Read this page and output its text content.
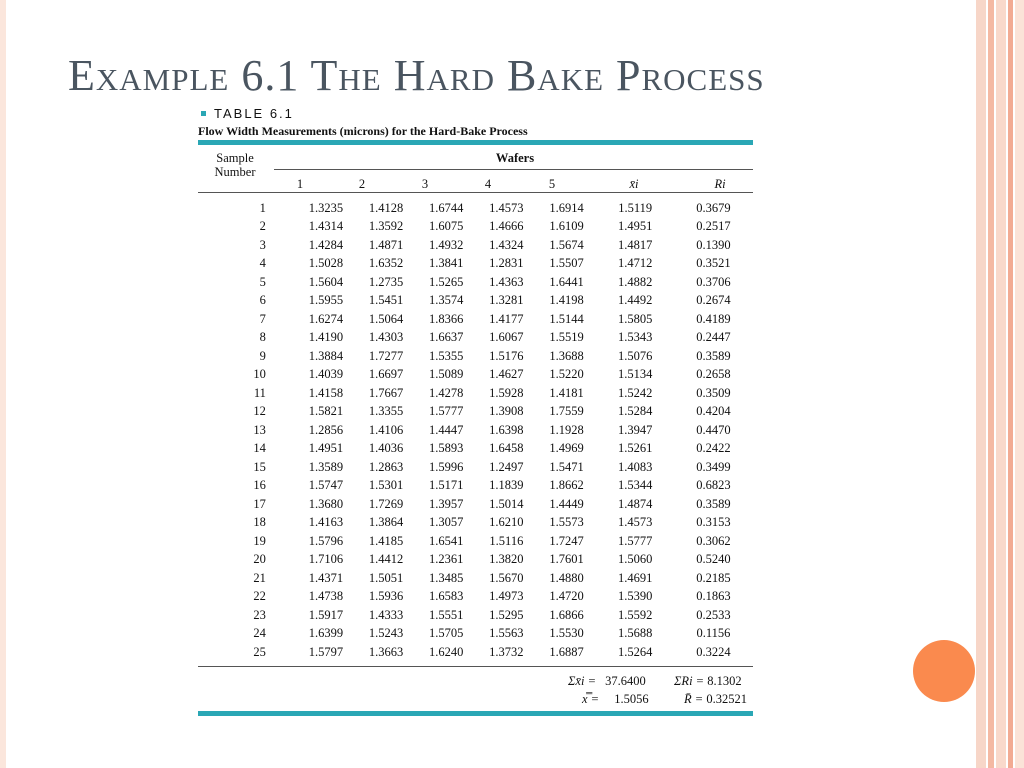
Example 6.1 The Hard Bake Process
TABLE 6.1
Flow Width Measurements (microns) for the Hard-Bake Process
Sample
Number
Wafers
1	2	3	4	5	x̄i	Ri
1	1.3235	1.4128	1.6744	1.4573	1.6914	1.5119	0.3679
2	1.4314	1.3592	1.6075	1.4666	1.6109	1.4951	0.2517
3	1.4284	1.4871	1.4932	1.4324	1.5674	1.4817	0.1390
4	1.5028	1.6352	1.3841	1.2831	1.5507	1.4712	0.3521
5	1.5604	1.2735	1.5265	1.4363	1.6441	1.4882	0.3706
6	1.5955	1.5451	1.3574	1.3281	1.4198	1.4492	0.2674
7	1.6274	1.5064	1.8366	1.4177	1.5144	1.5805	0.4189
8	1.4190	1.4303	1.6637	1.6067	1.5519	1.5343	0.2447
9	1.3884	1.7277	1.5355	1.5176	1.3688	1.5076	0.3589
10	1.4039	1.6697	1.5089	1.4627	1.5220	1.5134	0.2658
11	1.4158	1.7667	1.4278	1.5928	1.4181	1.5242	0.3509
12	1.5821	1.3355	1.5777	1.3908	1.7559	1.5284	0.4204
13	1.2856	1.4106	1.4447	1.6398	1.1928	1.3947	0.4470
14	1.4951	1.4036	1.5893	1.6458	1.4969	1.5261	0.2422
15	1.3589	1.2863	1.5996	1.2497	1.5471	1.4083	0.3499
16	1.5747	1.5301	1.5171	1.1839	1.8662	1.5344	0.6823
17	1.3680	1.7269	1.3957	1.5014	1.4449	1.4874	0.3589
18	1.4163	1.3864	1.3057	1.6210	1.5573	1.4573	0.3153
19	1.5796	1.4185	1.6541	1.5116	1.7247	1.5777	0.3062
20	1.7106	1.4412	1.2361	1.3820	1.7601	1.5060	0.5240
21	1.4371	1.5051	1.3485	1.5670	1.4880	1.4691	0.2185
22	1.4738	1.5936	1.6583	1.4973	1.4720	1.5390	0.1863
23	1.5917	1.4333	1.5551	1.5295	1.6866	1.5592	0.2533
24	1.6399	1.5243	1.5705	1.5563	1.5530	1.5688	0.1156
25	1.5797	1.3663	1.6240	1.3732	1.6887	1.5264	0.3224
Σx̄i = 37.6400 ΣRi = 8.1302
x̿ = 1.5056	R̄ = 0.32521
